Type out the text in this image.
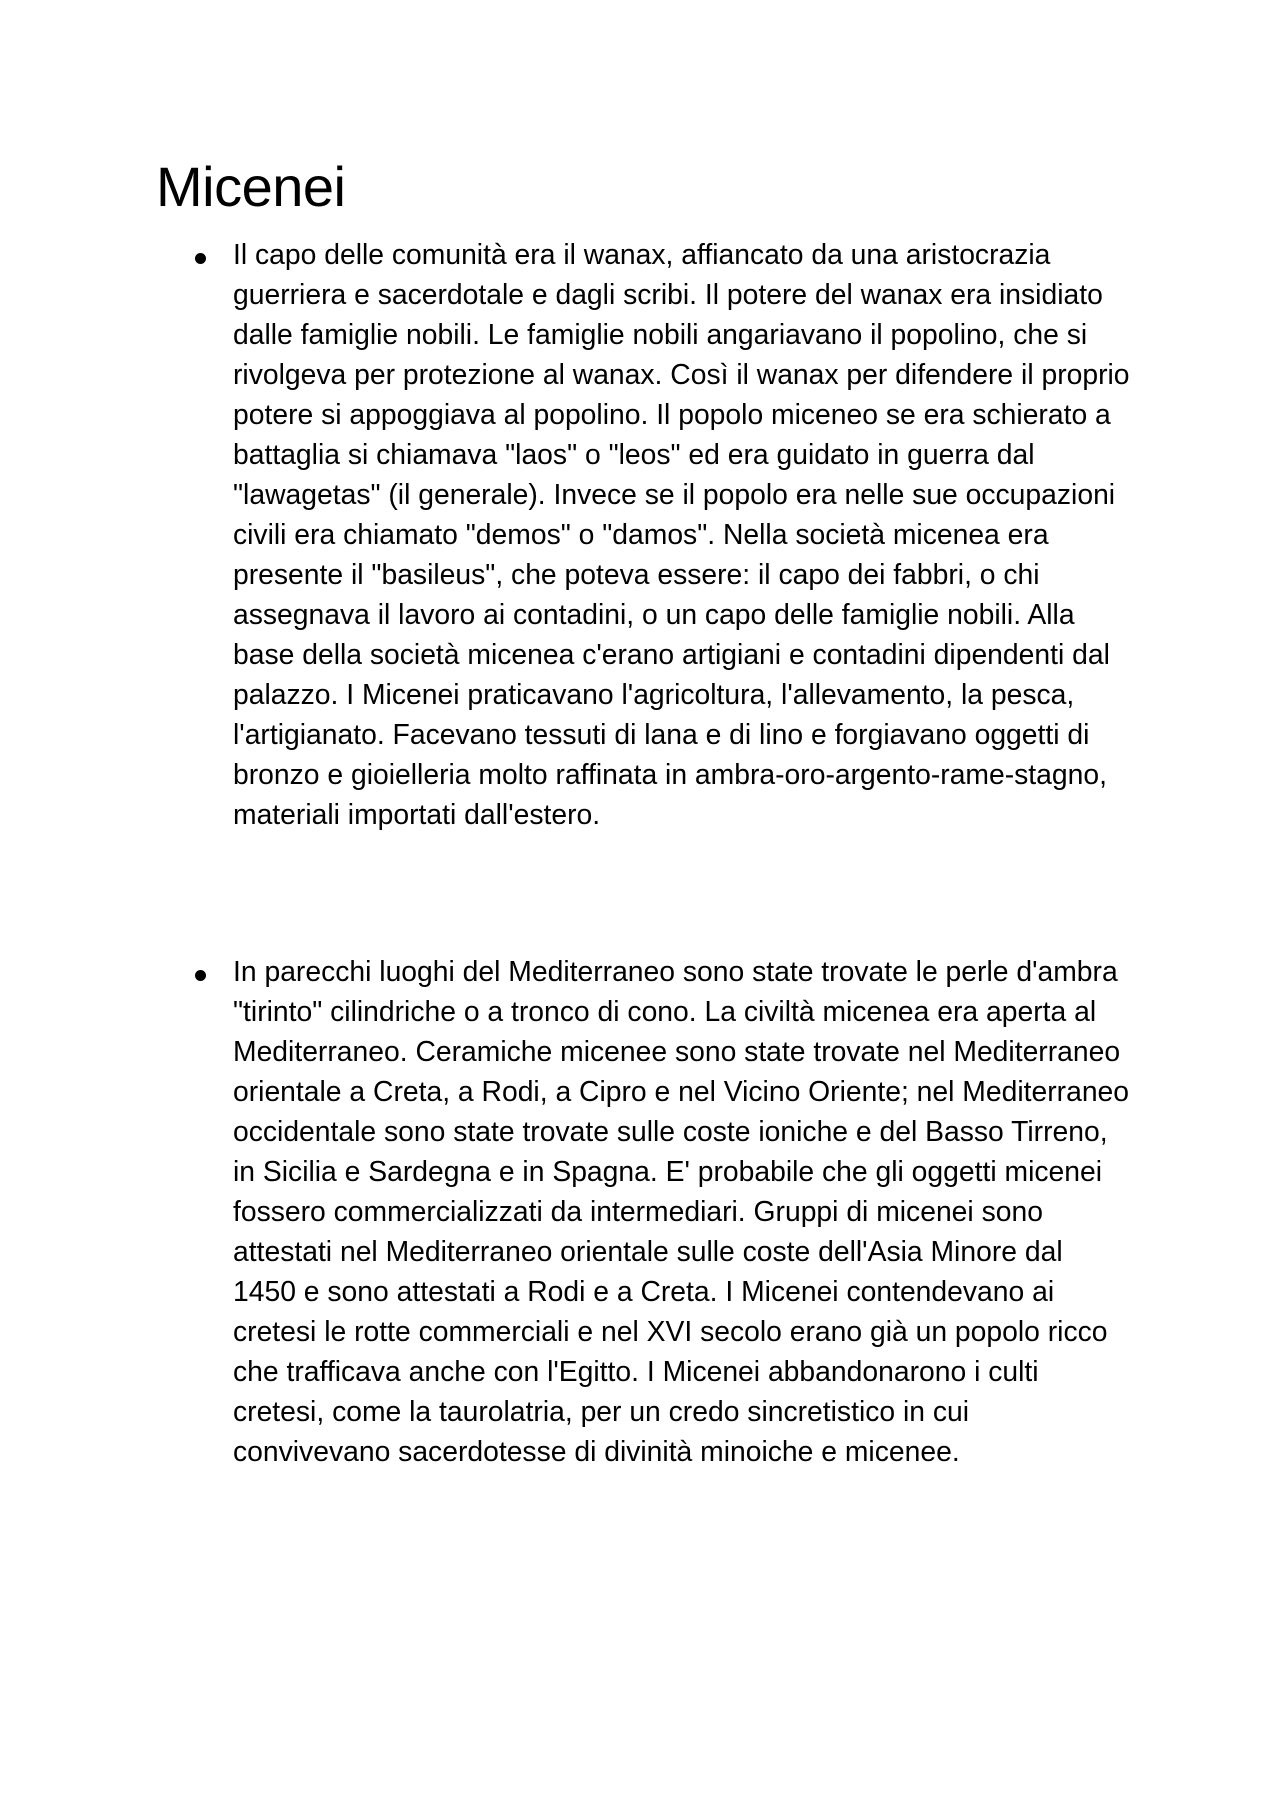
Micenei

Il capo delle comunità era il wanax, affiancato da una aristocrazia guerriera e sacerdotale e dagli scribi. Il potere del wanax era insidiato dalle famiglie nobili. Le famiglie nobili angariavano il popolino, che si rivolgeva per protezione al wanax. Così il wanax per difendere il proprio potere si appoggiava al popolino. Il popolo miceneo se era schierato a battaglia si chiamava "laos" o "leos" ed era guidato in guerra dal "lawagetas" (il generale). Invece se il popolo era nelle sue occupazioni civili era chiamato "demos" o "damos". Nella società micenea era presente il "basileus", che poteva essere: il capo dei fabbri, o chi assegnava il lavoro ai contadini, o un capo delle famiglie nobili. Alla base della società micenea c'erano artigiani e contadini dipendenti dal palazzo. I Micenei praticavano l'agricoltura, l'allevamento, la pesca, l'artigianato. Facevano tessuti di lana e di lino e forgiavano oggetti di bronzo e gioielleria molto raffinata in ambra-oro-argento-rame-stagno, materiali importati dall'estero.

In parecchi luoghi del Mediterraneo sono state trovate le perle d'ambra "tirinto" cilindriche o a tronco di cono. La civiltà micenea era aperta al Mediterraneo. Ceramiche micenee sono state trovate nel Mediterraneo orientale a Creta, a Rodi, a Cipro e nel Vicino Oriente; nel Mediterraneo occidentale sono state trovate sulle coste ioniche e del Basso Tirreno, in Sicilia e Sardegna e in Spagna. E' probabile che gli oggetti micenei fossero commercializzati da intermediari. Gruppi di micenei sono attestati nel Mediterraneo orientale sulle coste dell'Asia Minore dal 1450 e sono attestati a Rodi e a Creta. I Micenei contendevano ai cretesi le rotte commerciali e nel XVI secolo erano già un popolo ricco che trafficava anche con l'Egitto. I Micenei abbandonarono i culti cretesi, come la taurolatria, per un credo sincretistico in cui convivevano sacerdotesse di divinità minoiche e micenee.
